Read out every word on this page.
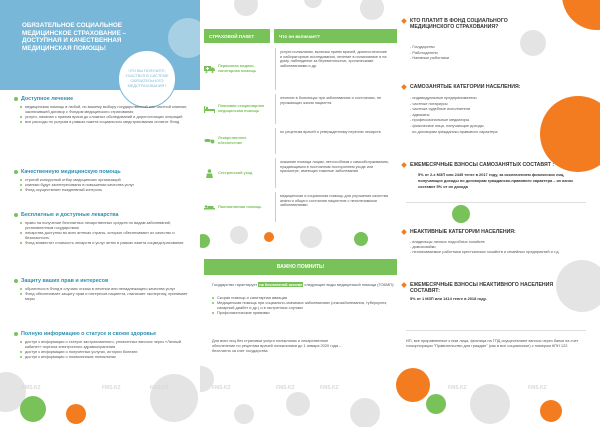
ОБЯЗАТЕЛЬНОЕ СОЦИАЛЬНОЕ МЕДИЦИНСКОЕ СТРАХОВАНИЕ – ДОСТУПНАЯ И КАЧЕСТВЕННАЯ МЕДИЦИНСКАЯ ПОМОЩЬ!
ЧТО ВЫ ПОЛУЧИТЕ, УЧАСТВУЯ В СИСТЕМЕ ОБЯЗАТЕЛЬНОГО МЕДСТРАХОВАНИЯ?
Доступное лечение
медицинская помощь в любой, по вашему выбору государственной или частной клинике, заключившей договор с Фондом медицинского страхования
услуги, начиная с приема врача до сложных обследований и дорогостоящих операций
все расходы по услугам в рамках пакета социального медстрахования оплатит Фонд
Качественную медицинскую помощь
строгий конкурсный отбор медицинских организаций
клиники будут заинтересованы в повышении качества услуг
Фонд осуществляет ежедневный контроль
Бесплатные и доступные лекарства
право на получение бесплатных лекарственных средств по видам заболеваний, установленным государством
лекарства доступны во всех аптеках страны, которые обеспечивают их качество и безопасность
Фонд возместит стоимость лекарств и услуг аптек в рамках пакета соцмедстрахования
Защиту ваших прав и интересов
обратиться в Фонд в случаях отказа в лечении или ненадлежащего качества услуг
Фонд обеспечивает защиту прав и интересов пациента, назначает экспертизу, принимает меры
Полную информацию о статусе и своем здоровье
доступ к информации о статусе застрахованного, уплаченных взносах через «Личный кабинет» портала электронного здравоохранения
доступ к информации о полученных услугах, истории болезни
доступ к информации о поликлиниках поликлиник
FMS.KZ	FMS.KZ	FMS.KZ
СТРАХОВОЙ ПАКЕТ	Что он включает?
Первичная медико-санитарная помощь
услуги поликлиник, включая прием врачей, диагностические и лабораторные исследования, лечение в поликлинике и на дому, наблюдение за беременностью, хроническими заболеваниями и др.
Плановая стационарная медицинская помощь
лечение в больницах при заболеваниях и состояниях, не угрожающих жизни пациента
Лекарственное обеспечение
по рецептам врачей и утвержденному перечню лекарств
Сестринский уход
оказание помощи лицам, нетсособным к самообслуживанию, нуждающимся в постоянном постороннем уходе или присмотре, имеющих тяжелые заболевания
Паллиативная помощь
медицинская и социальная помощь для улучшения качества жизни и общего состояния пациентов с неизлечимыми заболеваниями
ВАЖНО ПОМНИТЬ!
Государство гарантирует на бесплатной основе следующие виды медицинской помощи (ГОБМП):
Скорая помощь и санитарная авиация
Медицинская помощь при социально-значимых заболеваниях (онкозаболевания, туберкулез, сахарный диабет и др.) и в экстренных случаях
Профилактические прививки
Для всех лиц без страховки услуги поликлиник и лекарственное обеспечение по рецептам врачей поликлиники до 1 января 2020 года – бесплатно за счет государства
FMS.KZ	FMS.KZ	FMS.KZ
КТО ПЛАТИТ В ФОНД СОЦИАЛЬНОГО МЕДИЦИНСКОГО СТРАХОВАНИЯ?
- Государство
- Работодатели
- Наемные работники
САМОЗАНЯТЫЕ КАТЕГОРИИ НАСЕЛЕНИЯ:
- индивидуальные предприниматели
- частные нотариусы
- частные судебные исполнители
- адвокаты
- профессиональные медиаторы
- физические лица, получающие доходы
по договорам гражданско-правового характера
ЕЖЕМЕСЯЧНЫЕ ВЗНОСЫ САМОЗАНЯТЫХ СОСТАВЯТ :
5% от 2-х МЗП или 2445 тенге в 2017 году, за исключением физических лиц, получающих доходы по договорам гражданско-правового характера – их взнос составит 5% от их дохода
НЕАКТИВНЫЕ КАТЕГОРИИ НАСЕЛЕНИЯ:
- владельцы личных подсобных хозяйств
- домохозяйки
- неопачиваемые работники крестьянских хозяйств и семейных предприятий и т.д.
ЕЖЕМЕСЯЧНЫЕ ВЗНОСЫ НЕАКТИВНОГО НАСЕЛЕНИЯ СОСТАВЯТ:
5% от 1 МЗП или 1414 тенге в 2018 году.
ИП, все приравненные к ним лица, физлица на ГПД осуществляют взносы через банки на счет госкорпорации "Правительство для граждан" (как и все социальные) с номером КПН 122.
FMS.KZ	FMS.KZ
